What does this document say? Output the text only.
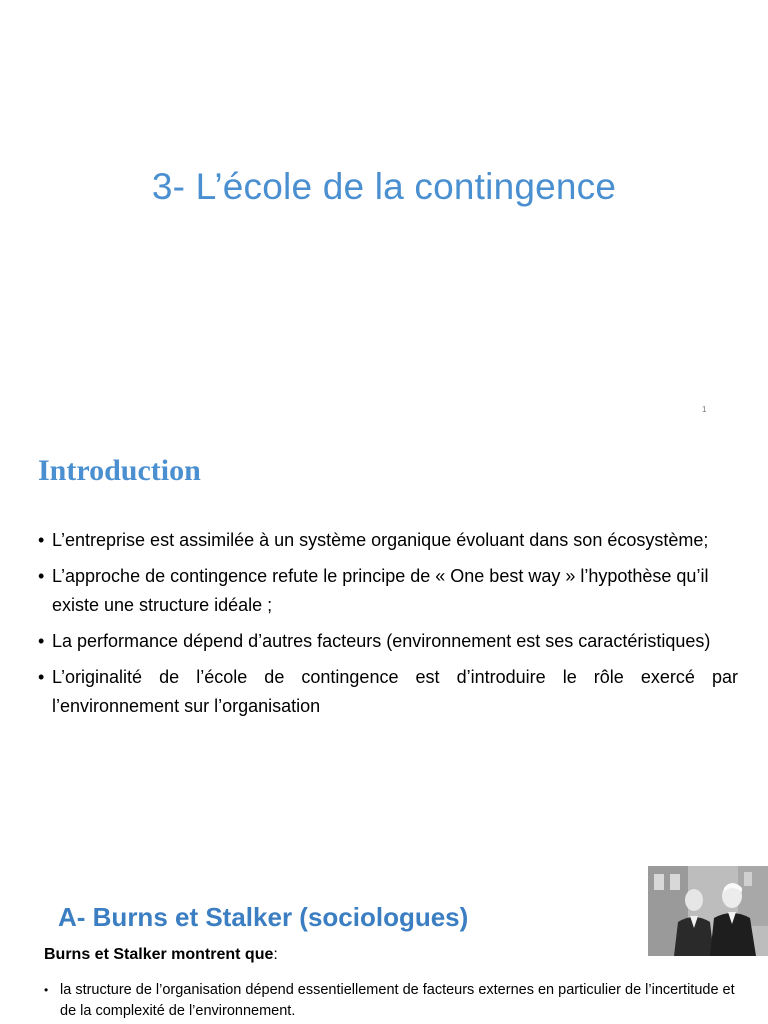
3- L’école de la contingence
1
Introduction
• L’entreprise est assimilée à un système organique évoluant dans son écosystème;
• L’approche de contingence refute le principe de « One best way » l’hypothèse qu’il existe une structure idéale ;
• La performance dépend d’autres facteurs (environnement est ses caractéristiques)
• L’originalité de l’école de contingence est d’introduire le rôle exercé par l’environnement sur l’organisation
A- Burns et Stalker (sociologues)
Burns et Stalker montrent que:
• la structure de l’organisation dépend essentiellement de facteurs externes en particulier de l’incertitude et de la complexité de l’environnement.
